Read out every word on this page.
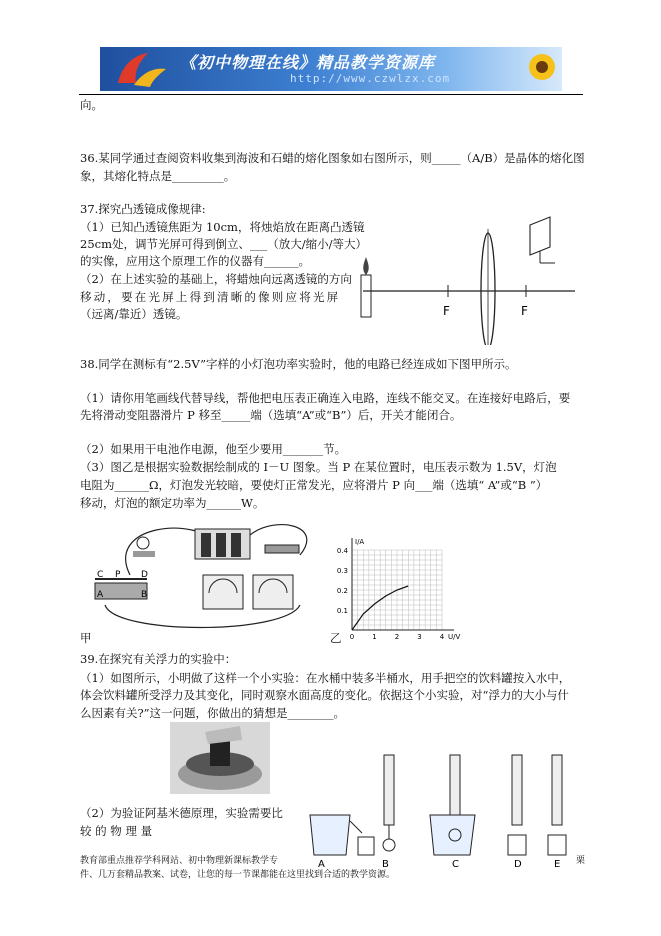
《初中物理在线》精品教学资源库
http://www.czwlzx.com
向。
36.某同学通过查阅资料收集到海波和石蜡的熔化图象如右图所示，则_____（A/B）是晶体的熔化图
象，其熔化特点是_________。
37.探究凸透镜成像规律:
（1）已知凸透镜焦距为 10cm，将烛焰放在距离凸透镜
25cm处，调节光屏可得到倒立、___（放大/缩小/等大）
的实像，应用这个原理工作的仪器有______。
（2）在上述实验的基础上，将蜡烛向远离透镜的方向
移动，要在光屏上得到清晰的像则应将光屏
（远离/靠近）透镜。	F	F
38.同学在测标有“2.5V”字样的小灯泡功率实验时，他的电路已经连成如下图甲所示。
（1）请你用笔画线代替导线，帮他把电压表正确连入电路，连线不能交叉。在连接好电路后，要
先将滑动变阻器滑片 P 移至_____端（选填“A”或“B”）后，开关才能闭合。
（2）如果用干电池作电源，他至少要用_______节。
（3）图乙是根据实验数据绘制成的 I－U 图象。当 P 在某位置时，电压表示数为 1.5V，灯泡
电阻为______Ω，灯泡发光较暗，要使灯正常发光，应将滑片 P 向___端（选填“ A”或“B ”）
移动，灯泡的额定功率为______W。
C
A
P
B
D
甲
0.4
0.3
0.2
0.1
0	1	2	3	4
I/A
U/V
乙
39.在探究有关浮力的实验中：
（1）如图所示，小明做了这样一个小实验：在水桶中装多半桶水，用手把空的饮料罐按入水中，
体会饮料罐所受浮力及其变化，同时观察水面高度的变化。依据这个小实验，对“浮力的大小与什
么因素有关?”这一问题，你做出的猜想是________。
A	B	C	D	E
（2）为验证阿基米德原理，实验需要比
较 的 物 理 量
教育部重点推荐学科网站、初中物理新课标教学专	栗
件、几万套精品教案、试卷，让您的每一节课都能在这里找到合适的教学资源。
